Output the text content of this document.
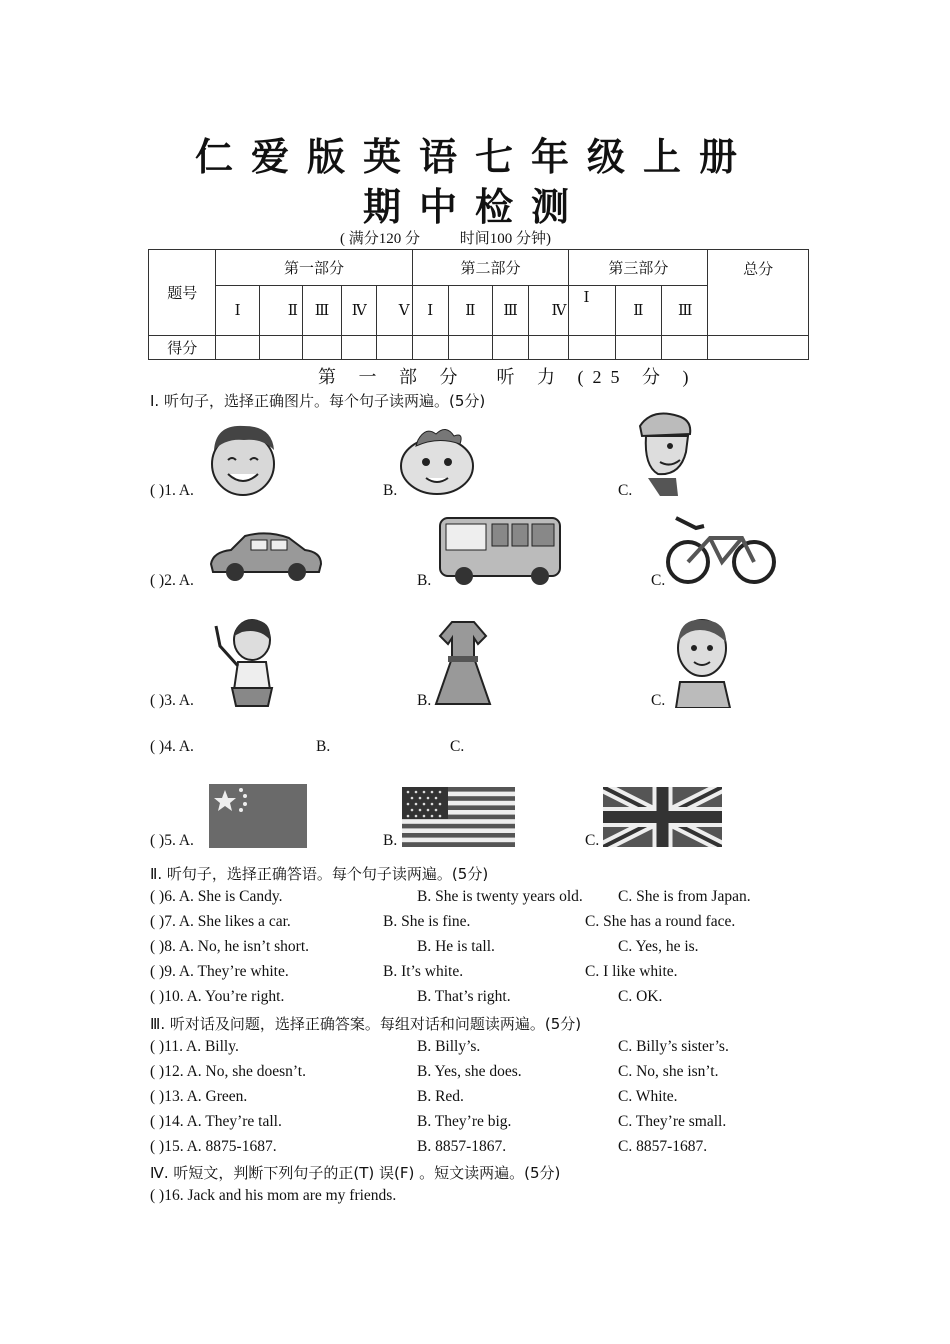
仁爱版英语七年级上册
期中检测
( 满分120 分	时间100 分钟)
题号	第一部分					第二部分				第三部分			总分
	Ⅰ	Ⅱ	Ⅲ	Ⅳ	Ⅴ	Ⅰ	Ⅱ	Ⅲ	Ⅳ	Ⅰ	Ⅱ	Ⅲ	
得分													
第 一 部 分 听 力 (25 分 )
Ⅰ. 听句子，选择正确图片。每个句子读两遍。(5分)
( )1. A.	B.	C.
( )2. A.	B.	C.
( )3. A.	B.	C.
( )4. A.	B.	C.
( )5. A.	B.	C.
Ⅱ. 听句子，选择正确答语。每个句子读两遍。(5分)
( )6. A. She is Candy.	B. She is twenty years old. C. She is from Japan.
( )7. A. She likes a car.	B. She is fine.	C. She has a round face.
( )8. A. No, he isn’t short.	B. He is tall.	C. Yes, he is.
( )9. A. They’re white.	B. It’s white.	C. I like white.
( )10. A. You’re right.	B. That’s right.	C. OK.
Ⅲ. 听对话及问题，选择正确答案。每组对话和问题读两遍。(5分)
( )11. A. Billy.	B. Billy’s.	C. Billy’s sister’s.
( )12. A. No, she doesn’t.	B. Yes, she does.	C. No, she isn’t.
( )13. A. Green.	B. Red.	C. White.
( )14. A. They’re tall.	B. They’re big.	C. They’re small.
( )15. A. 8875-1687.	B. 8857-1867.	C. 8857-1687.
Ⅳ. 听短文，判断下列句子的正(T) 误(F) 。短文读两遍。(5分)
( )16. Jack and his mom are my friends.
